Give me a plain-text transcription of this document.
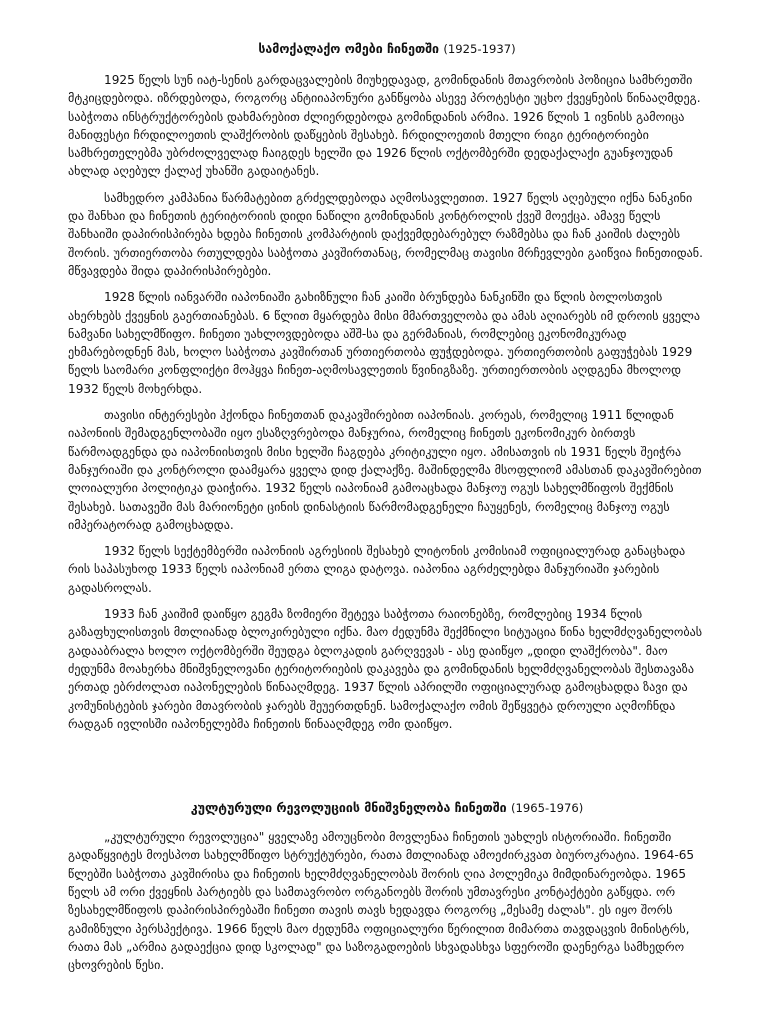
სამოქალაქო ომები ჩინეთში (1925-1937)

1925 წელს სუნ იატ-სენის გარდაცვალების მიუხედავად, გომინდანის მთავრობის პოზიცია სამხრეთში მტკიცდებოდა. იზრდებოდა, როგორც ანტიიაპონური განწყობა ასევე პროტესტი უცხო ქვეყნების წინააღმდეგ. საბჭოთა ინსტრუქტორების დახმარებით ძლიერდებოდა გომინდანის არმია. 1926 წლის 1 ივნისს გამოიცა მანიფესტი ჩრდილოეთის ლაშქრობის დაწყების შესახებ. ჩრდილოეთის მთელი რიგი ტერიტორიები სამხრეთელებმა უბრძოლველად ჩაიგდეს ხელში და 1926 წლის ოქტომბერში დედაქალაქი გუანჯოუდან ახლად აღებულ ქალაქ უხანში გადაიტანეს.

სამხედრო კამპანია წარმატებით გრძელდებოდა აღმოსავლეთით. 1927 წელს აღებული იქნა ნანკინი და შანხაი და ჩინეთის ტერიტორიის დიდი ნაწილი გომინდანის კონტროლის ქვეშ მოექცა. ამავე წელს შანხაიში დაპირისპირება ხდება ჩინეთის კომპარტიის დაქვემდებარებულ რაზმებსა და ჩან კაიშის ძალებს შორის. ურთიერთობა რთულდება საბჭოთა კავშირთანაც, რომელმაც თავისი მრჩევლები გაიწვია ჩინეთიდან. მწვავდება შიდა დაპირისპირებები.

1928 წლის იანვარში იაპონიაში გახიზნული ჩან კაიში ბრუნდება ნანკინში და წლის ბოლოსთვის ახერხებს ქვეყნის გაერთიანებას. 6 წლით მყარდება მისი მმართველობა და ამას აღიარებს იმ დროის ყველა ნამვანი სახელმწიფო. ჩინეთი უახლოვდებოდა აშშ-სა და გერმანიას, რომლებიც ეკონომიკურად ეხმარებოდნენ მას, ხოლო საბჭოთა კავშირთან ურთიერთობა ფუჭდებოდა. ურთიერთობის გაფუჭებას 1929 წელს საომარი კონფლიქტი მოჰყვა ჩინეთ-აღმოსავლეთის წვინიგზაზე. ურთიერთობის აღდგენა მხოლოდ 1932 წელს მოხერხდა.

თავისი ინტერესები ჰქონდა ჩინეთთან დაკავშირებით იაპონიას. კორეას, რომელიც 1911 წლიდან იაპონიის შემადგენლობაში იყო ესაზღვრებოდა მანჯურია, რომელიც ჩინეთს ეკონომიკურ ბირთვს წარმოადგენდა და იაპონიისთვის მისი ხელში ჩაგდება კრიტიკული იყო. ამისათვის ის 1931 წელს შეიჭრა მანჯურიაში და კონტროლი დაამყარა ყველა დიდ ქალაქზე. მაშინდელმა მსოფლიომ ამასთან დაკავშირებით ლოიალური პოლიტიკა დაიჭირა. 1932 წელს იაპონიამ გამოაცხადა მანჯოუ ოგუს სახელმწიფოს შექმნის შესახებ. სათავეში მას მარიონეტი ცინის დინასტიის წარმომადგენელი ჩაუყენეს, რომელიც მანჯოუ ოგუს იმპერატორად გამოცხადდა.

1932 წელს სექტემბერში იაპონიის აგრესიის შესახებ ლიტონის კომისიამ ოფიციალურად განაცხადა რის საპასუხოდ 1933 წელს იაპონიამ ერთა ლიგა დატოვა. იაპონია აგრძელებდა მანჯურიაში ჯარების გადასროლას.

1933 ჩან კაიშიმ დაიწყო გეგმა ზომიერი შეტევა საბჭოთა რაიონებზე, რომლებიც 1934 წლის გაზაფხულისთვის მთლიანად ბლოკირებული იქნა. მაო ძედუნმა შექმნილი სიტუაცია წინა ხელმძღვანელობას გადააბრალა ხოლო ოქტომბერში შეუდგა ბლოკადის გარღვევას - ასე დაიწყო „დიდი ლაშქრობა". მაო ძედუნმა მოახერხა მნიშვნელოვანი ტერიტორიების დაკავება და გომინდანის ხელმძღვანელობას შესთავაზა ერთად ებრძოლათ იაპონელების წინააღმდეგ. 1937 წლის აპრილში ოფიციალურად გამოცხადდა ზავი და კომუნისტების ჯარები მთავრობის ჯარებს შეუერთდნენ. სამოქალაქო ომის შეწყვეტა დროული აღმოჩნდა რადგან ივლისში იაპონელებმა ჩინეთის წინააღმდეგ ომი დაიწყო.

კულტურული რევოლუციის მნიშვნელობა ჩინეთში (1965-1976)

„კულტურული რევოლუცია" ყველაზე ამოუცნობი მოვლენაა ჩინეთის უახლეს ისტორიაში. ჩინეთში გადაწყვიტეს მოესპოთ სახელმწიფო სტრუქტურები, რათა მთლიანად ამოეძირკვათ ბიუროკრატია. 1964-65 წლებში საბჭოთა კავშირისა და ჩინეთის ხელმძღვანელობას შორის ღია პოლემიკა მიმდინარეობდა. 1965 წელს ამ ორი ქვეყნის პარტიებს და სამთავრობო ორგანოებს შორის უმთავრესი კონტაქტები გაწყდა. ორ ზესახელმწიფოს დაპირისპირებაში ჩინეთი თავის თავს ხედავდა როგორც „მესამე ძალას". ეს იყო შორს გამიზნული პერსპექტივა. 1966 წელს მაო ძედუნმა ოფიციალური წერილით მიმართა თავდაცვის მინისტრს, რათა მას „არმია გადაექცია დიდ სკოლად" და საზოგადოების სხვადასხვა სფეროში დაენერგა სამხედრო ცხოვრების წესი.
